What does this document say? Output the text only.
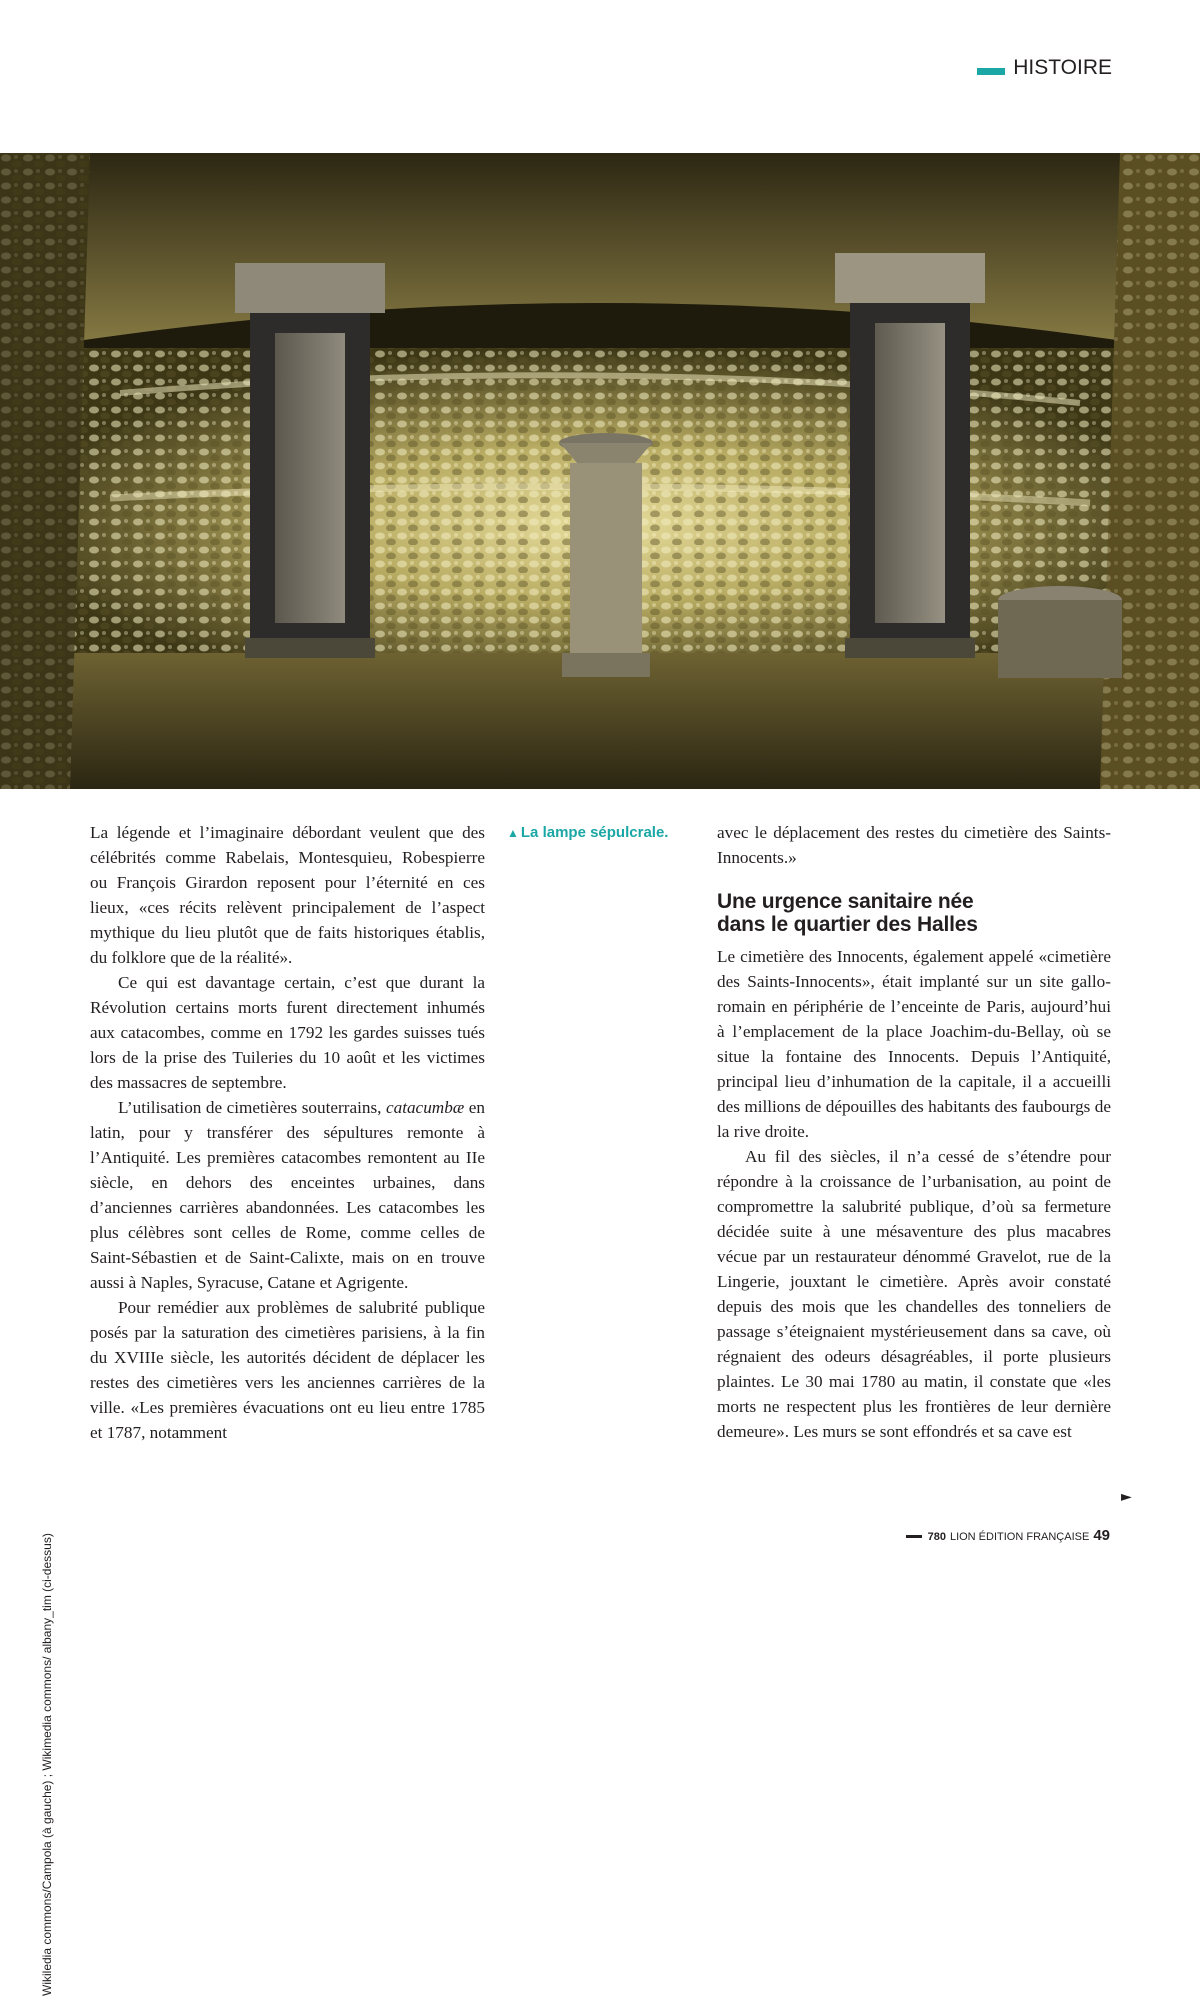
HISTOIRE
Wikiledia commons/Campola (à gauche) ; Wikimedia commons/ albany_tim (ci-dessus)

La légende et l’imaginaire débordant veulent que des célébrités comme Rabelais, Montesquieu, Robespierre ou François Girardon reposent pour l’éternité en ces lieux, «ces récits relèvent principalement de l’aspect mythique du lieu plutôt que de faits historiques établis, du folklore que de la réalité».

Ce qui est davantage certain, c’est que durant la Révolution certains morts furent directement inhumés aux catacombes, comme en 1792 les gardes suisses tués lors de la prise des Tuileries du 10 août et les victimes des massacres de septembre.

L’utilisation de cimetières souterrains, catacumbæ en latin, pour y transférer des sépultures remonte à l’Antiquité. Les premières catacombes remontent au IIe siècle, en dehors des enceintes urbaines, dans d’anciennes carrières abandonnées. Les catacombes les plus célèbres sont celles de Rome, comme celles de Saint-Sébastien et de Saint-Calixte, mais on en trouve aussi à Naples, Syracuse, Catane et Agrigente.

Pour remédier aux problèmes de salubrité publique posés par la saturation des cimetières parisiens, à la fin du XVIIIe siècle, les autorités décident de déplacer les restes des cimetières vers les anciennes carrières de la ville. «Les premières évacuations ont eu lieu entre 1785 et 1787, notamment

▲ La lampe sépulcrale.	avec le déplacement des restes du cimetière des Saints-Innocents.»

Une urgence sanitaire née
dans le quartier des Halles

Le cimetière des Innocents, également appelé «cimetière des Saints-Innocents», était implanté sur un site gallo-romain en périphérie de l’enceinte de Paris, aujourd’hui à l’emplacement de la place Joachim-du-Bellay, où se situe la fontaine des Innocents. Depuis l’Antiquité, principal lieu d’inhumation de la capitale, il a accueilli des millions de dépouilles des habitants des faubourgs de la rive droite.

Au fil des siècles, il n’a cessé de s’étendre pour répondre à la croissance de l’urbanisation, au point de compromettre la salubrité publique, d’où sa fermeture décidée suite à une mésaventure des plus macabres vécue par un restaurateur dénommé Gravelot, rue de la Lingerie, jouxtant le cimetière. Après avoir constaté depuis des mois que les chandelles des tonneliers de passage s’éteignaient mystérieusement dans sa cave, où régnaient des odeurs désagréables, il porte plusieurs plaintes. Le 30 mai 1780 au matin, il constate que «les morts ne respectent plus les frontières de leur dernière demeure». Les murs se sont effondrés et sa cave est

►
780 LION ÉDITION FRANÇAISE 49
